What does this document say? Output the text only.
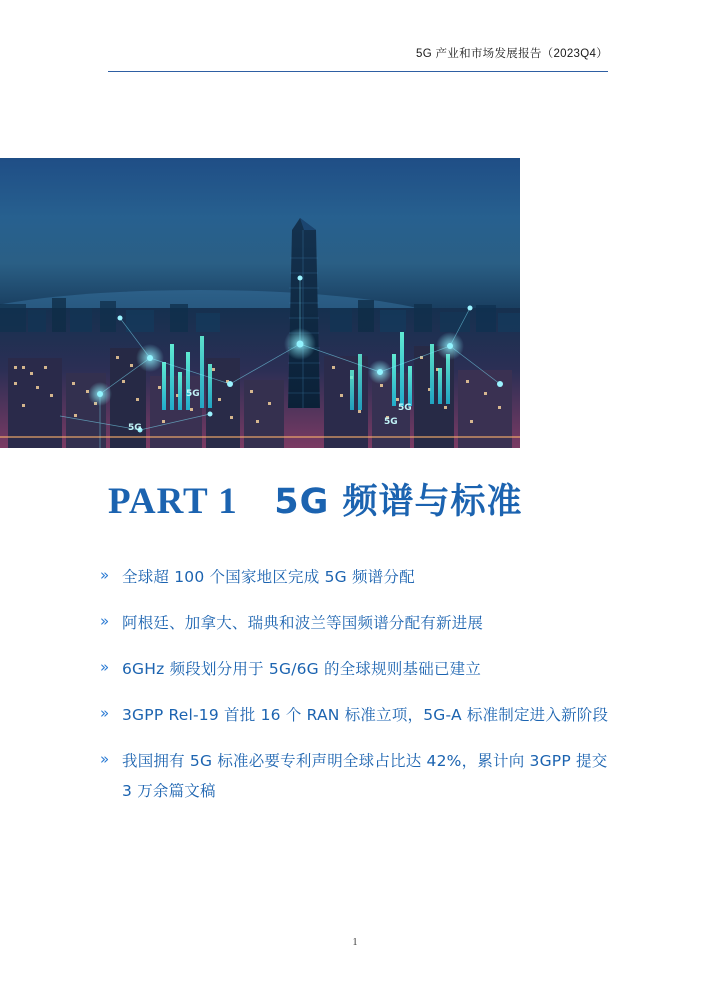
5G 产业和市场发展报告（2023Q4）
5G
5G
5G
5G
PART 1 5G 频谱与标准
» 全球超 100 个国家地区完成 5G 频谱分配
» 阿根廷、加拿大、瑞典和波兰等国频谱分配有新进展
» 6GHz 频段划分用于 5G/6G 的全球规则基础已建立
» 3GPP Rel-19 首批 16 个 RAN 标准立项，5G-A 标准制定进入新阶段
» 我国拥有 5G 标准必要专利声明全球占比达 42%，累计向 3GPP 提交 3 万余篇文稿
1
